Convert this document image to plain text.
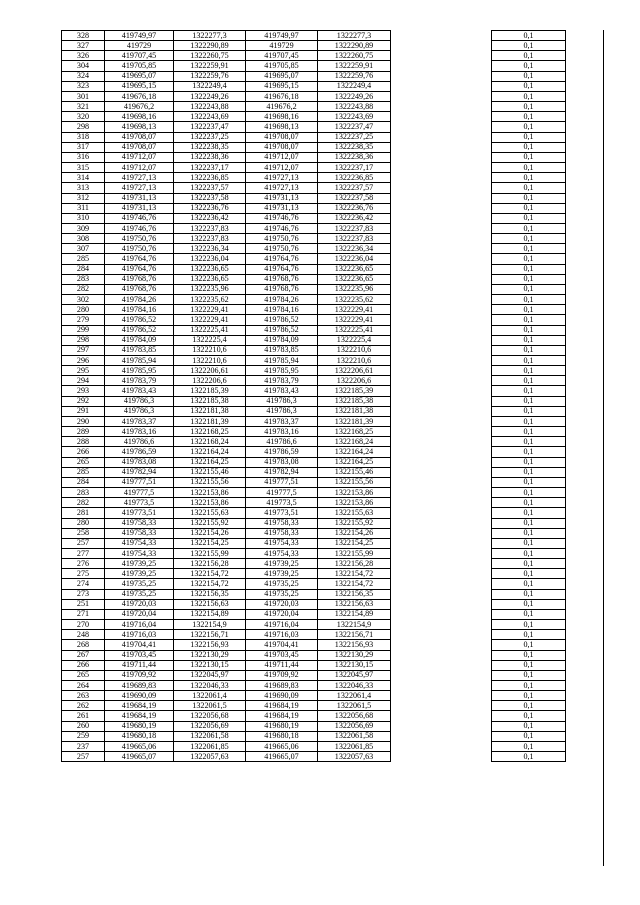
328	419749,97	1322277,3	419749,97	1322277,3		0,1
327	419729	1322290,89	419729	1322290,89		0,1
326	419707,45	1322260,75	419707,45	1322260,75		0,1
304	419705,85	1322259,91	419705,85	1322259,91		0,1
324	419695,07	1322259,76	419695,07	1322259,76		0,1
323	419695,15	1322249,4	419695,15	1322249,4		0,1
301	419676,18	1322249,26	419676,18	1322249,26		0,1
321	419676,2	1322243,88	419676,2	1322243,88		0,1
320	419698,16	1322243,69	419698,16	1322243,69		0,1
298	419698,13	1322237,47	419698,13	1322237,47		0,1
318	419708,07	1322237,25	419708,07	1322237,25		0,1
317	419708,07	1322238,35	419708,07	1322238,35		0,1
316	419712,07	1322238,36	419712,07	1322238,36		0,1
315	419712,07	1322237,17	419712,07	1322237,17		0,1
314	419727,13	1322236,85	419727,13	1322236,85		0,1
313	419727,13	1322237,57	419727,13	1322237,57		0,1
312	419731,13	1322237,58	419731,13	1322237,58		0,1
311	419731,13	1322236,76	419731,13	1322236,76		0,1
310	419746,76	1322236,42	419746,76	1322236,42		0,1
309	419746,76	1322237,83	419746,76	1322237,83		0,1
308	419750,76	1322237,83	419750,76	1322237,83		0,1
307	419750,76	1322236,34	419750,76	1322236,34		0,1
285	419764,76	1322236,04	419764,76	1322236,04		0,1
284	419764,76	1322236,65	419764,76	1322236,65		0,1
283	419768,76	1322236,65	419768,76	1322236,65		0,1
282	419768,76	1322235,96	419768,76	1322235,96		0,1
302	419784,26	1322235,62	419784,26	1322235,62		0,1
280	419784,16	1322229,41	419784,16	1322229,41		0,1
279	419786,52	1322229,41	419786,52	1322229,41		0,1
299	419786,52	1322225,41	419786,52	1322225,41		0,1
298	419784,09	1322225,4	419784,09	1322225,4		0,1
297	419783,85	1322210,6	419783,85	1322210,6		0,1
296	419785,94	1322210,6	419785,94	1322210,6		0,1
295	419785,95	1322206,61	419785,95	1322206,61		0,1
294	419783,79	1322206,6	419783,79	1322206,6		0,1
293	419783,43	1322185,39	419783,43	1322185,39		0,1
292	419786,3	1322185,38	419786,3	1322185,38		0,1
291	419786,3	1322181,38	419786,3	1322181,38		0,1
290	419783,37	1322181,39	419783,37	1322181,39		0,1
289	419783,16	1322168,25	419783,16	1322168,25		0,1
288	419786,6	1322168,24	419786,6	1322168,24		0,1
266	419786,59	1322164,24	419786,59	1322164,24		0,1
265	419783,08	1322164,25	419783,08	1322164,25		0,1
285	419782,94	1322155,46	419782,94	1322155,46		0,1
284	419777,51	1322155,56	419777,51	1322155,56		0,1
283	419777,5	1322153,86	419777,5	1322153,86		0,1
282	419773,5	1322153,86	419773,5	1322153,86		0,1
281	419773,51	1322155,63	419773,51	1322155,63		0,1
280	419758,33	1322155,92	419758,33	1322155,92		0,1
258	419758,33	1322154,26	419758,33	1322154,26		0,1
257	419754,33	1322154,25	419754,33	1322154,25		0,1
277	419754,33	1322155,99	419754,33	1322155,99		0,1
276	419739,25	1322156,28	419739,25	1322156,28		0,1
275	419739,25	1322154,72	419739,25	1322154,72		0,1
274	419735,25	1322154,72	419735,25	1322154,72		0,1
273	419735,25	1322156,35	419735,25	1322156,35		0,1
251	419720,03	1322156,63	419720,03	1322156,63		0,1
271	419720,04	1322154,89	419720,04	1322154,89		0,1
270	419716,04	1322154,9	419716,04	1322154,9		0,1
248	419716,03	1322156,71	419716,03	1322156,71		0,1
268	419704,41	1322156,93	419704,41	1322156,93		0,1
267	419703,45	1322130,29	419703,45	1322130,29		0,1
266	419711,44	1322130,15	419711,44	1322130,15		0,1
265	419709,92	1322045,97	419709,92	1322045,97		0,1
264	419689,83	1322046,33	419689,83	1322046,33		0,1
263	419690,09	1322061,4	419690,09	1322061,4		0,1
262	419684,19	1322061,5	419684,19	1322061,5		0,1
261	419684,19	1322056,68	419684,19	1322056,68		0,1
260	419680,19	1322056,69	419680,19	1322056,69		0,1
259	419680,18	1322061,58	419680,18	1322061,58		0,1
237	419665,06	1322061,85	419665,06	1322061,85		0,1
257	419665,07	1322057,63	419665,07	1322057,63		0,1
